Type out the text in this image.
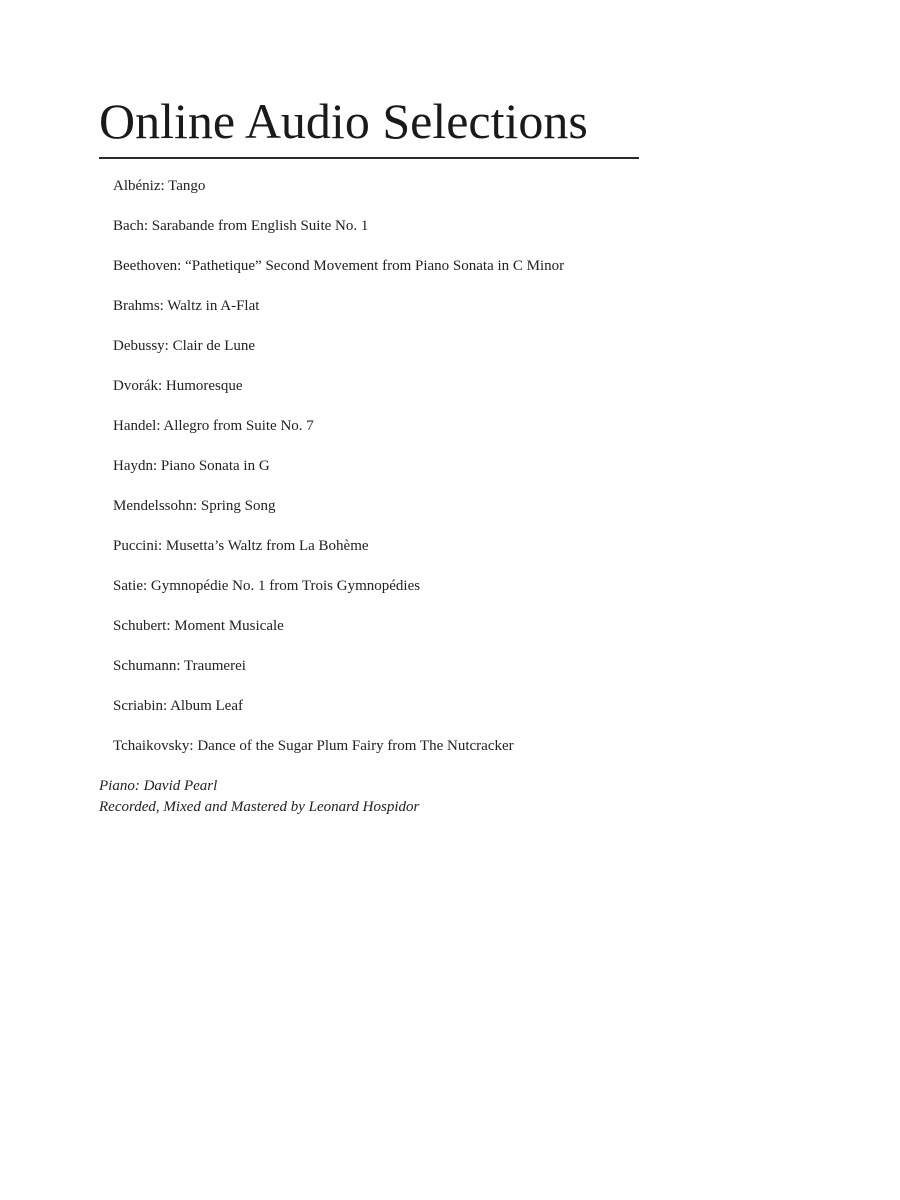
Online Audio Selections
Albéniz: Tango
Bach: Sarabande from English Suite No. 1
Beethoven: “Pathetique” Second Movement from Piano Sonata in C Minor
Brahms: Waltz in A-Flat
Debussy: Clair de Lune
Dvorák: Humoresque
Handel: Allegro from Suite No. 7
Haydn: Piano Sonata in G
Mendelssohn: Spring Song
Puccini: Musetta’s Waltz from La Bohème
Satie: Gymnopédie No. 1 from Trois Gymnopédies
Schubert: Moment Musicale
Schumann: Traumerei
Scriabin: Album Leaf
Tchaikovsky: Dance of the Sugar Plum Fairy from The Nutcracker
Piano: David Pearl
Recorded, Mixed and Mastered by Leonard Hospidor
